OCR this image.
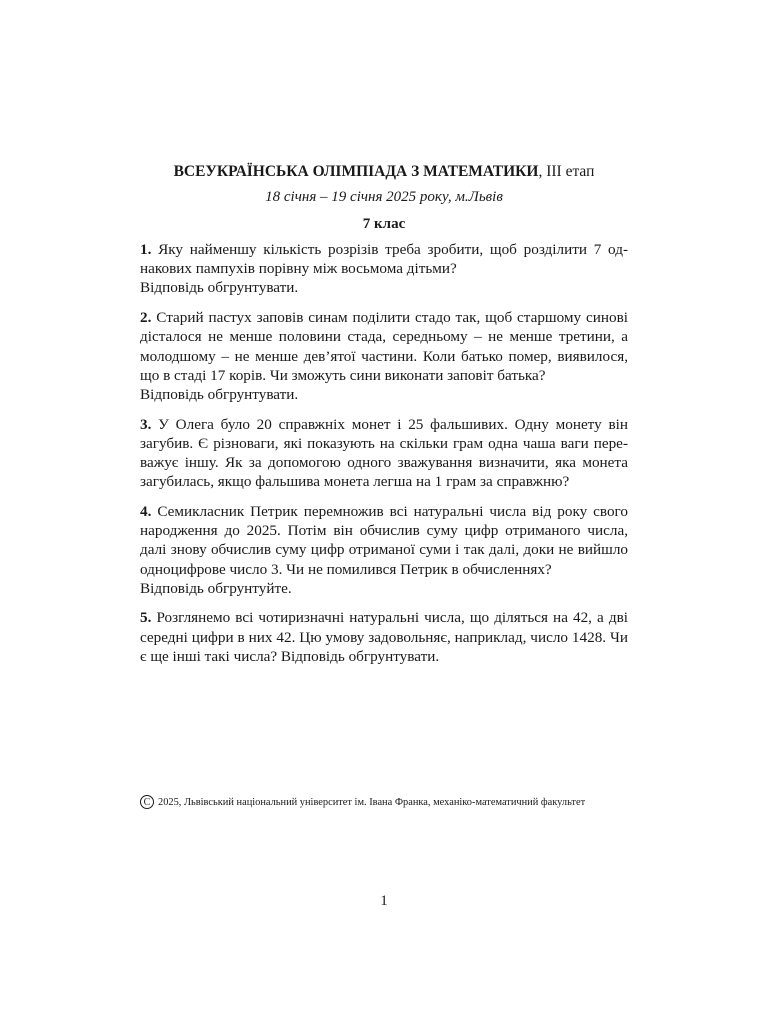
ВСЕУКРАЇНСЬКА ОЛІМПІАДА З МАТЕМАТИКИ, III етап
18 січня – 19 січня 2025 року, м.Львів
7 клас
1. Яку найменшу кількість розрізів треба зробити, щоб розділити 7 однакових пампухів порівну між восьмома дітьми?
Відповідь обгрунтувати.
2. Старий пастух заповів синам поділити стадо так, щоб старшому синові дісталося не менше половини стада, середньому – не менше третини, а молодшому – не менше дев’ятої частини. Коли батько помер, виявилося, що в стаді 17 корів. Чи зможуть сини виконати заповіт батька?
Відповідь обгрунтувати.
3. У Олега було 20 справжніх монет і 25 фальшивих. Одну монету він загубив. Є різноваги, які показують на скільки грам одна чаша ваги переважує іншу. Як за допомогою одного зважування визначити, яка монета загубилась, якщо фальшива монета легша на 1 грам за справжню?
4. Семикласник Петрик перемножив всі натуральні числа від року свого народження до 2025. Потім він обчислив суму цифр отриманого числа, далі знову обчислив суму цифр отриманої суми і так далі, доки не вийшло одноцифрове число 3. Чи не помилився Петрик в обчисленнях?
Відповідь обгрунтуйте.
5. Розглянемо всі чотиризначні натуральні числа, що діляться на 42, а дві середні цифри в них 42. Цю умову задовольняє, наприклад, число 1428. Чи є ще інші такі числа? Відповідь обгрунтувати.
C 2025, Львівський національний університет ім. Івана Франка, механіко-математичний факультет
1
